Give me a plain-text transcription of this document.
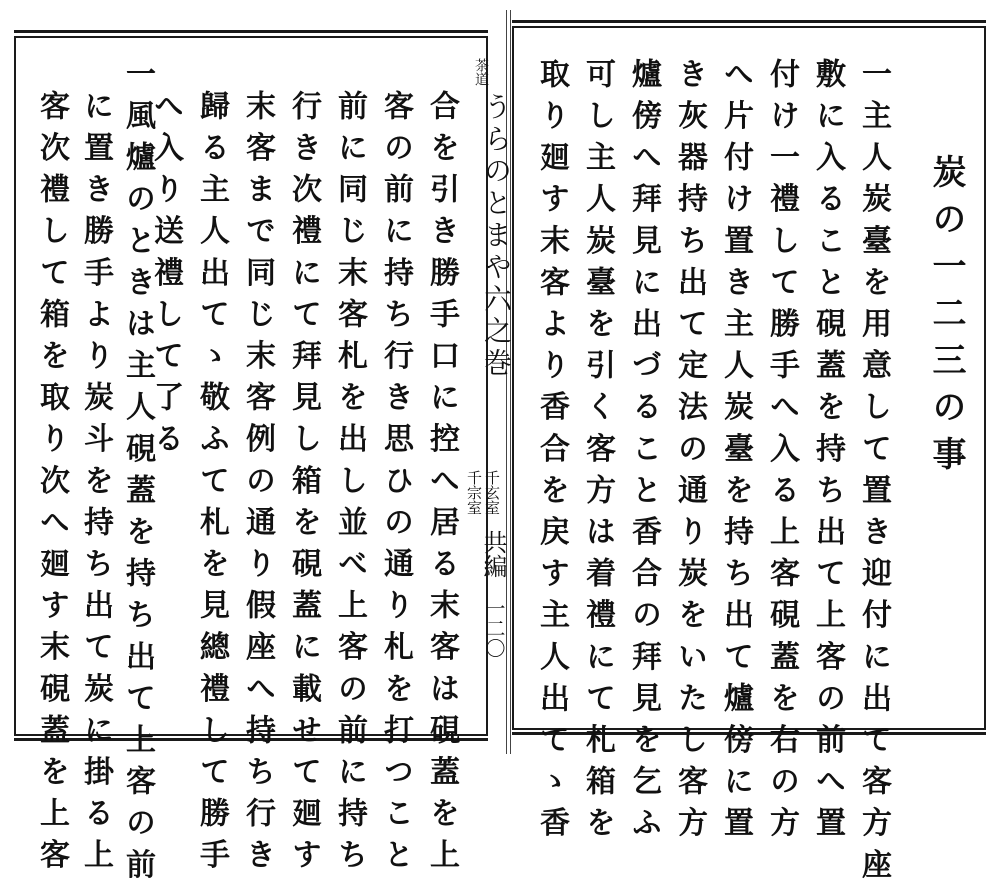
茶道
うらのとまや六之巻
千玄室
千宗室
共編
一二〇
炭の一二三の事
一主人炭臺を用意して置き迎付に出て客方座
敷に入ること硯蓋を持ち出て上客の前へ置
付け一禮して勝手へ入る上客硯蓋を右の方
へ片付け置き主人炭臺を持ち出て爐傍に置
き灰器持ち出て定法の通り炭をいたし客方
爐傍へ拜見に出づること香合の拜見を乞ふ
可し主人炭臺を引く客方は着禮にて札箱を
取り廻す末客より香合を戻す主人出てゝ香
合を引き勝手口に控へ居る末客は硯蓋を上
客の前に持ち行き思ひの通り札を打つこと
前に同じ末客札を出し並べ上客の前に持ち
行き次禮にて拜見し箱を硯蓋に載せて廻す
末客まで同じ末客例の通り假座へ持ち行き
歸る主人出てゝ敬ふて札を見總禮して勝手
へ入り送禮して了る
一風爐のときは主人硯蓋を持ち出て上客の前
に置き勝手より炭斗を持ち出て炭に掛る上
客次禮して箱を取り次へ廻す末硯蓋を上客
